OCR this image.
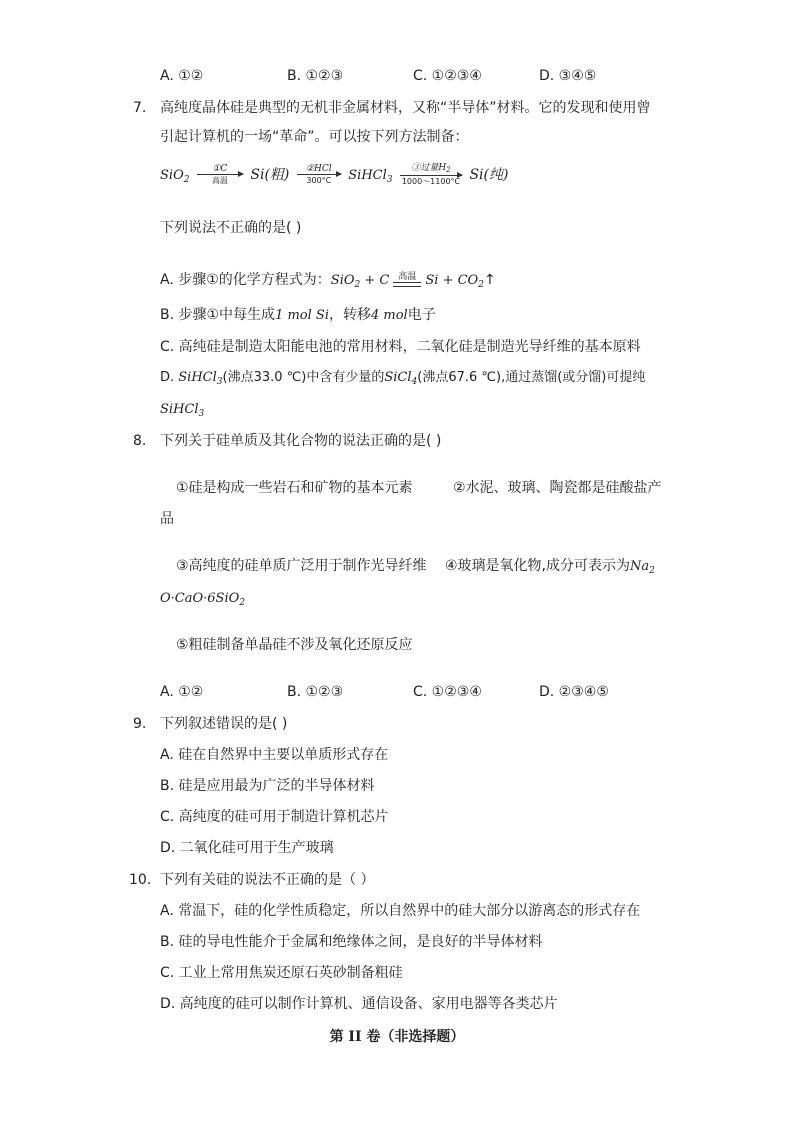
A. ①②	B. ①②③	C. ①②③④	D. ③④⑤
7. 高纯度晶体硅是典型的无机非金属材料，又称“半导体”材料。它的发现和使用曾
引起计算机的一场“革命”。可以按下列方法制备：
SiO$_2$
①C
高温	Si(粗)	②HCl
300°C	SiHCl$_3$
③过量$H_2$
1000～1100°C Si(纯)
下列说法不正确的是( )
A. 步骤①的化学方程式为：SiO$_2$ + C 高温 $Si + CO_2↑$
B. 步骤①中每生成1 mol Si，转移4 mol电子
C. 高纯硅是制造太阳能电池的常用材料，二氧化硅是制造光导纤维的基本原料
D. SiHCl$_3$(沸点33.0 ℃)中含有少量的SiCl$_4$(沸点67.6 ℃),通过蒸馏(或分馏)可提纯
SiHCl$_3$
8. 下列关于硅单质及其化合物的说法正确的是( )
①硅是构成一些岩石和矿物的基本元素	②水泥、玻璃、陶瓷都是硅酸盐产
品
③高纯度的硅单质广泛用于制作光导纤维 ④玻璃是氧化物,成分可表示为$Na_2$
O·CaO·6SiO$_2$
⑤粗硅制备单晶硅不涉及氧化还原反应
A. ①②	B. ①②③	C. ①②③④	D. ②③④⑤
9. 下列叙述错误的是( )
A. 硅在自然界中主要以单质形式存在
B. 硅是应用最为广泛的半导体材料
C. 高纯度的硅可用于制造计算机芯片
D. 二氧化硅可用于生产玻璃
10. 下列有关硅的说法不正确的是（ ）
A. 常温下，硅的化学性质稳定，所以自然界中的硅大部分以游离态的形式存在
B. 硅的导电性能介于金属和绝缘体之间，是良好的半导体材料
C. 工业上常用焦炭还原石英砂制备粗硅
D. 高纯度的硅可以制作计算机、通信设备、家用电器等各类芯片
第 II 卷（非选择题）
